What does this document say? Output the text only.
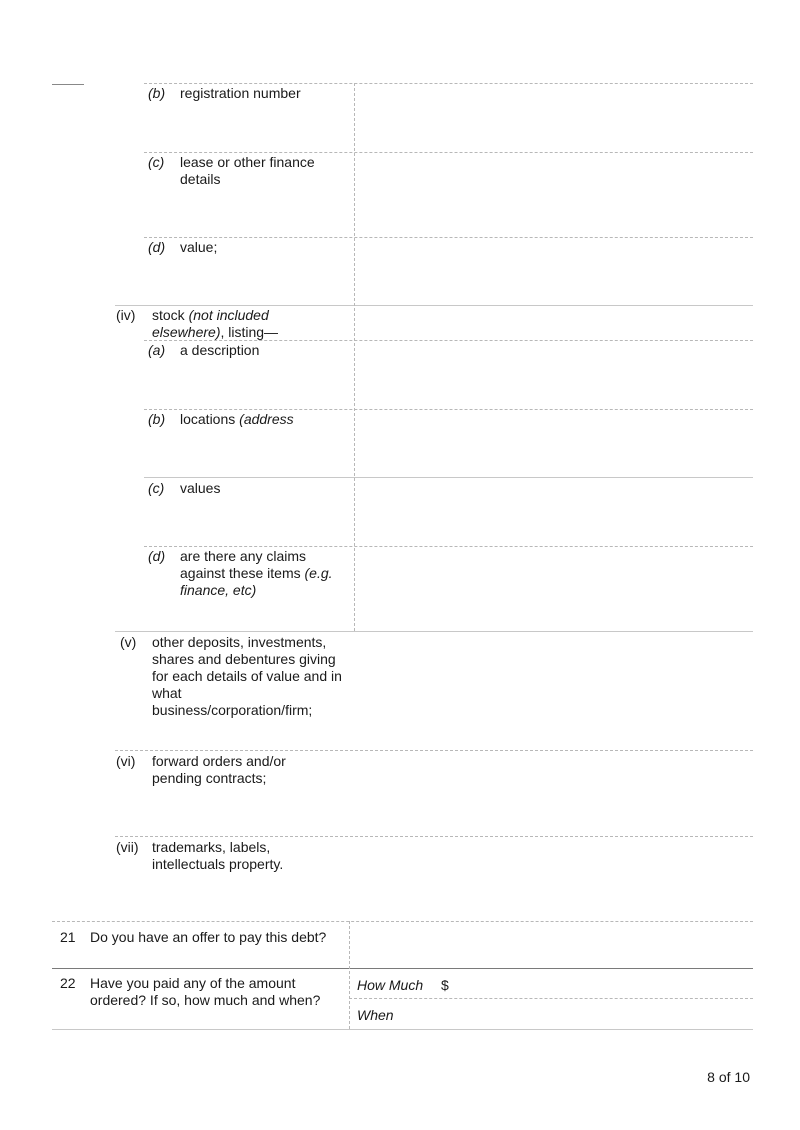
(b) registration number
(c) lease or other finance details
(d) value;
(iv) stock (not included elsewhere), listing—
(a) a description
(b) locations (address
(c) values
(d) are there any claims against these items (e.g. finance, etc)
(v) other deposits, investments, shares and debentures giving for each details of value and in what business/corporation/firm;
(vi) forward orders and/or pending contracts;
(vii) trademarks, labels, intellectuals property.
21 Do you have an offer to pay this debt?
22 Have you paid any of the amount ordered? If so, how much and when?
How Much $
When
8 of 10
